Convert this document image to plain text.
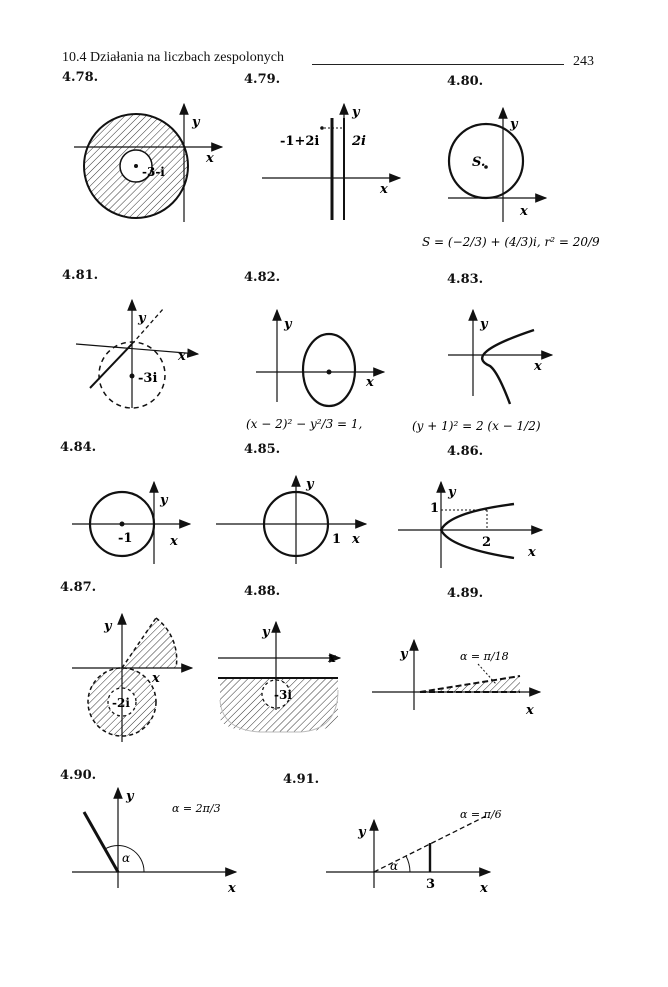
10.4 Działania na liczbach zespolonych	243
4.78.	4.79.	4.80.
4.81.	4.82.	4.83.
4.84.	4.85.	4.86.
4.87.	4.88.	4.89.
4.90.	4.91.
-3-i
x
y
-1+2i	2i
x
y
S.
x
y
S = (−2/3) + (4/3)i, r² = 20/9
-3i
x
y
x
y
(x − 2)² − y²/3 = 1,
x
y
(y + 1)² = 2 (x − 1/2)
-1	x
y
1 x
y
1
2
x
y
-2i
x
y
-3i
x
y
α = π/18
x
y
α
α = 2π/3
x
y
α
3
α = π/6
x
y
